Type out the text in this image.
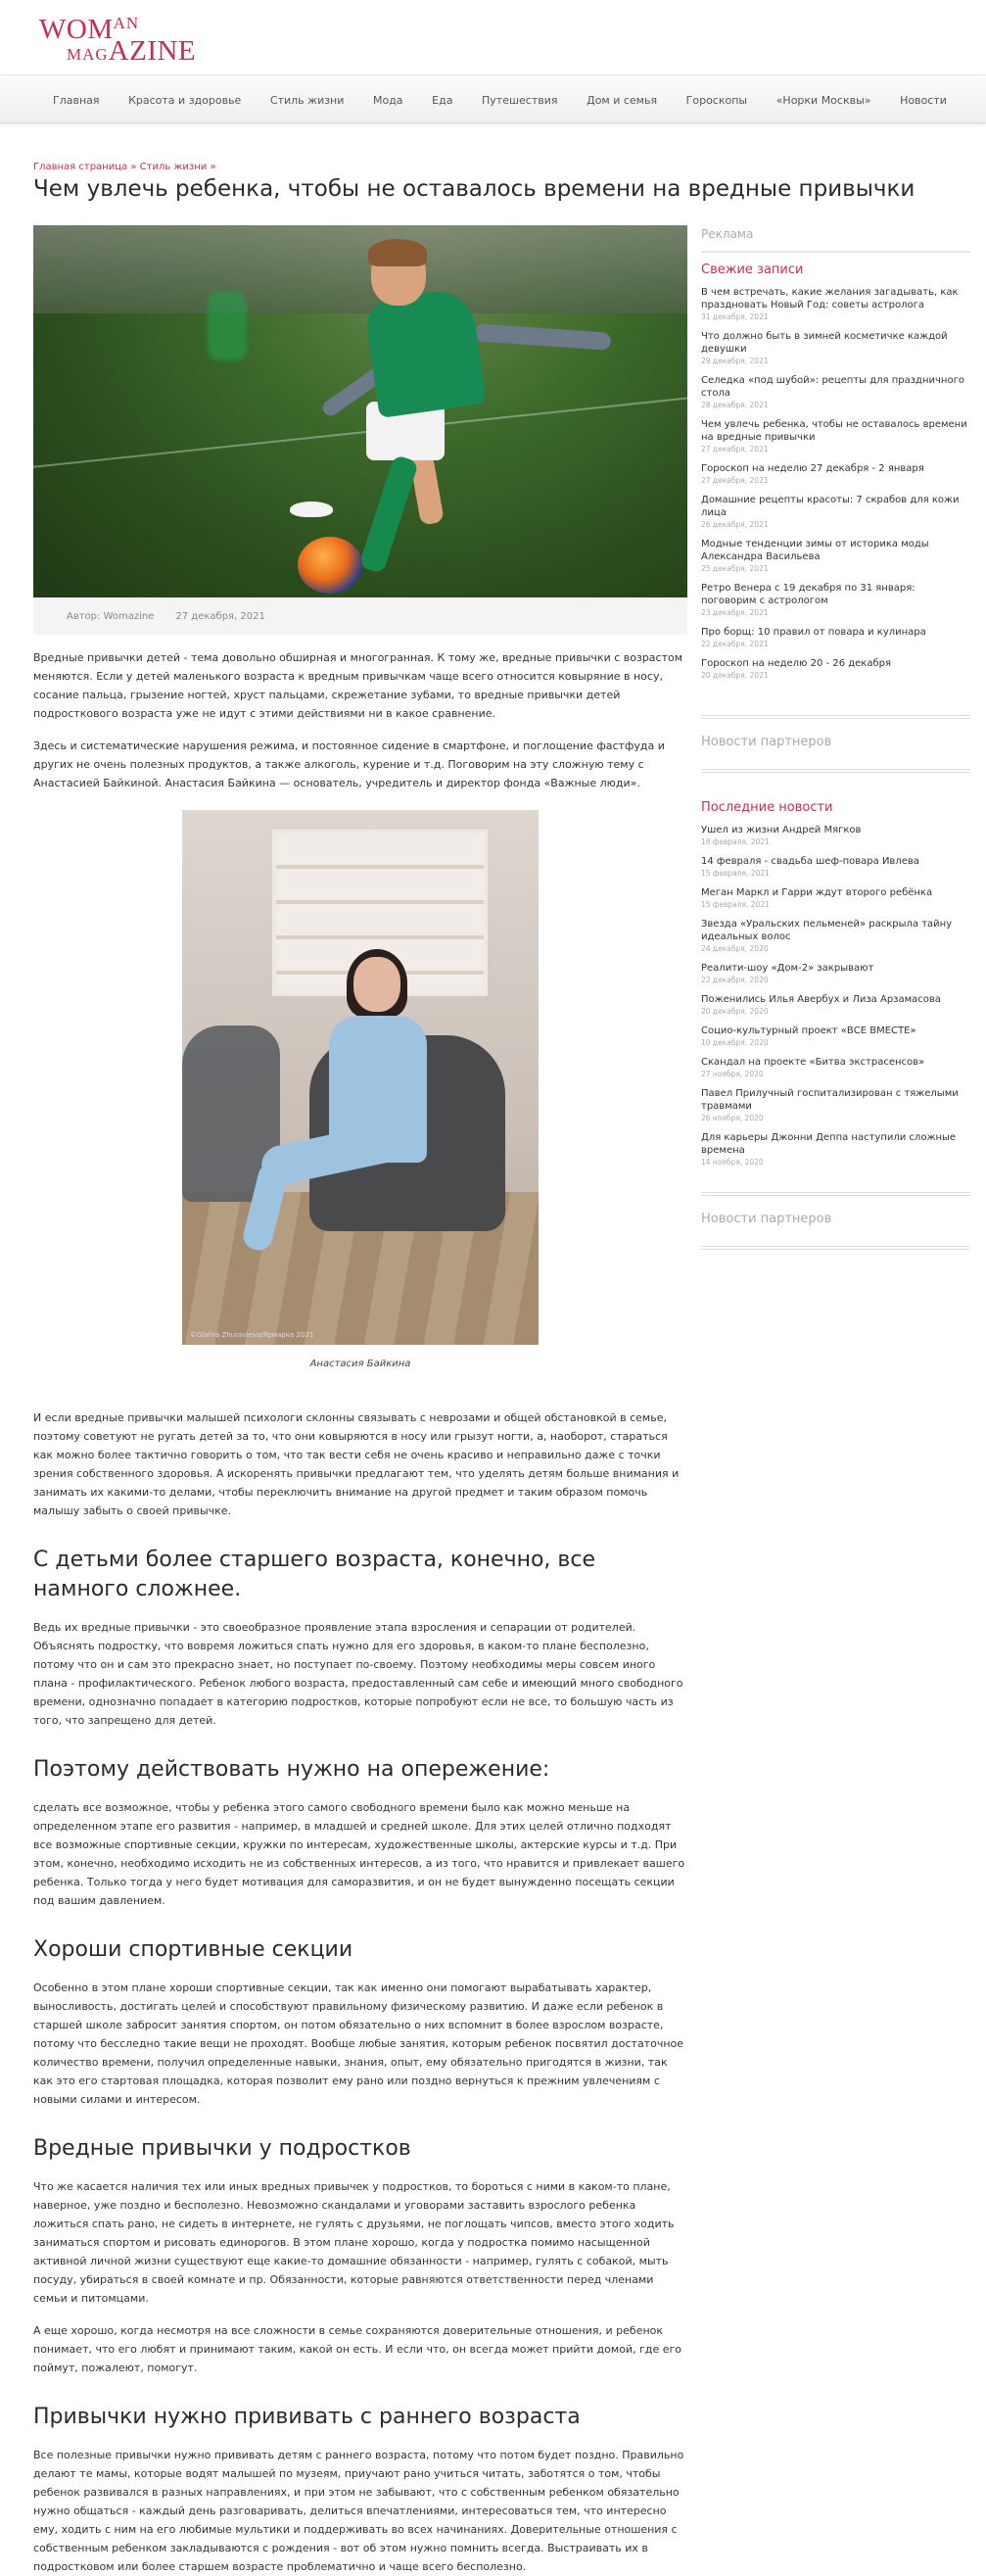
$WOM^{AN}$
MAGAZINE
Главная	Красота и здоровье	Стиль жизни	Мода	Еда	Путешествия	Дом и семья	Гороскопы	«Норки Москвы»	Новости
Главная страница » Стиль жизни »
Чем увлечь ребенка, чтобы не оставалось времени на вредные привычки
Автор: Womazine 27 декабря, 2021

Вредные привычки детей - тема довольно обширная и многогранная. К тому же, вредные привычки с возрастом меняются. Если у детей маленького возраста к вредным привычкам чаще всего относится ковыряние в носу, сосание пальца, грызение ногтей, хруст пальцами, скрежетание зубами, то вредные привычки детей подросткового возраста уже не идут с этими действиями ни в какое сравнение.

Здесь и систематические нарушения режима, и постоянное сидение в смартфоне, и поглощение фастфуда и других не очень полезных продуктов, а также алкоголь, курение и т.д. Поговорим на эту сложную тему с Анастасией Байкиной. Анастасия Байкина — основатель, учредитель и директор фонда «Важные люди».

©Glafira Zhuravleva/Ярмарка 2021
Анастасия Байкина

И если вредные привычки малышей психологи склонны связывать с неврозами и общей обстановкой в семье, поэтому советуют не ругать детей за то, что они ковыряются в носу или грызут ногти, а, наоборот, стараться как можно более тактично говорить о том, что так вести себя не очень красиво и неправильно даже с точки зрения собственного здоровья. А искоренять привычки предлагают тем, что уделять детям больше внимания и занимать их какими-то делами, чтобы переключить внимание на другой предмет и таким образом помочь малышу забыть о своей привычке.

С детьми более старшего возраста, конечно, все намного сложнее.

Ведь их вредные привычки - это своеобразное проявление этапа взросления и сепарации от родителей. Объяснять подростку, что вовремя ложиться спать нужно для его здоровья, в каком-то плане бесполезно, потому что он и сам это прекрасно знает, но поступает по-своему. Поэтому необходимы меры совсем иного плана - профилактического. Ребенок любого возраста, предоставленный сам себе и имеющий много свободного времени, однозначно попадает в категорию подростков, которые попробуют если не все, то большую часть из того, что запрещено для детей.

Поэтому действовать нужно на опережение:

сделать все возможное, чтобы у ребенка этого самого свободного времени было как можно меньше на определенном этапе его развития - например, в младшей и средней школе. Для этих целей отлично подходят все возможные спортивные секции, кружки по интересам, художественные школы, актерские курсы и т.д. При этом, конечно, необходимо исходить не из собственных интересов, а из того, что нравится и привлекает вашего ребенка. Только тогда у него будет мотивация для саморазвития, и он не будет вынужденно посещать секции под вашим давлением.

Хороши спортивные секции

Особенно в этом плане хороши спортивные секции, так как именно они помогают вырабатывать характер, выносливость, достигать целей и способствуют правильному физическому развитию. И даже если ребенок в старшей школе забросит занятия спортом, он потом обязательно о них вспомнит в более взрослом возрасте, потому что бесследно такие вещи не проходят. Вообще любые занятия, которым ребенок посвятил достаточное количество времени, получил определенные навыки, знания, опыт, ему обязательно пригодятся в жизни, так как это его стартовая площадка, которая позволит ему рано или поздно вернуться к прежним увлечениям с новыми силами и интересом.

Вредные привычки у подростков

Что же касается наличия тех или иных вредных привычек у подростков, то бороться с ними в каком-то плане, наверное, уже поздно и бесполезно. Невозможно скандалами и уговорами заставить взрослого ребенка ложиться спать рано, не сидеть в интернете, не гулять с друзьями, не поглощать чипсов, вместо этого ходить заниматься спортом и рисовать единорогов. В этом плане хорошо, когда у подростка помимо насыщенной активной личной жизни существуют еще какие-то домашние обязанности - например, гулять с собакой, мыть посуду, убираться в своей комнате и пр. Обязанности, которые равняются ответственности перед членами семьи и питомцами.

А еще хорошо, когда несмотря на все сложности в семье сохраняются доверительные отношения, и ребенок понимает, что его любят и принимают таким, какой он есть. И если что, он всегда может прийти домой, где его поймут, пожалеют, помогут.

Привычки нужно прививать с раннего возраста

Все полезные привычки нужно прививать детям с раннего возраста, потому что потом будет поздно. Правильно делают те мамы, которые водят малышей по музеям, приучают рано учиться читать, заботятся о том, чтобы ребенок развивался в разных направлениях, и при этом не забывают, что с собственным ребенком обязательно нужно общаться - каждый день разговаривать, делиться впечатлениями, интересоваться тем, что интересно ему, ходить с ним на его любимые мультики и поддерживать во всех начинаниях. Доверительные отношения с собственным ребенком закладываются с рождения - вот об этом нужно помнить всегда. Выстраивать их в подростковом или более старшем возрасте проблематично и чаще всего бесполезно.

Реклама
Свежие записи
В чем встречать, какие желания загадывать, как праздновать Новый Год: советы астролога
31 декабря, 2021
Что должно быть в зимней косметичке каждой девушки
29 декабря, 2021
Селедка «под шубой»: рецепты для праздничного стола
28 декабря, 2021
Чем увлечь ребенка, чтобы не оставалось времени на вредные привычки
27 декабря, 2021
Гороскоп на неделю 27 декабря - 2 января
27 декабря, 2021
Домашние рецепты красоты: 7 скрабов для кожи лица
26 декабря, 2021
Модные тенденции зимы от историка моды Александра Васильева
25 декабря, 2021
Ретро Венера с 19 декабря по 31 января: поговорим с астрологом
23 декабря, 2021
Про борщ: 10 правил от повара и кулинара
22 декабря, 2021
Гороскоп на неделю 20 - 26 декабря
20 декабря, 2021
Новости партнеров
Последние новости
Ушел из жизни Андрей Мягков
18 февраля, 2021
14 февраля - свадьба шеф-повара Ивлева
15 февраля, 2021
Меган Маркл и Гарри ждут второго ребёнка
15 февраля, 2021
Звезда «Уральских пельменей» раскрыла тайну идеальных волос
24 декабря, 2020
Реалити-шоу «Дом-2» закрывают
22 декабря, 2020
Поженились Илья Авербух и Лиза Арзамасова
20 декабря, 2020
Социо-культурный проект «ВСЕ ВМЕСТЕ»
10 декабря, 2020
Скандал на проекте «Битва экстрасенсов»
27 ноября, 2020
Павел Прилучный госпитализирован с тяжелыми травмами
26 ноября, 2020
Для карьеры Джонни Деппа наступили сложные времена
14 ноября, 2020
Новости партнеров
